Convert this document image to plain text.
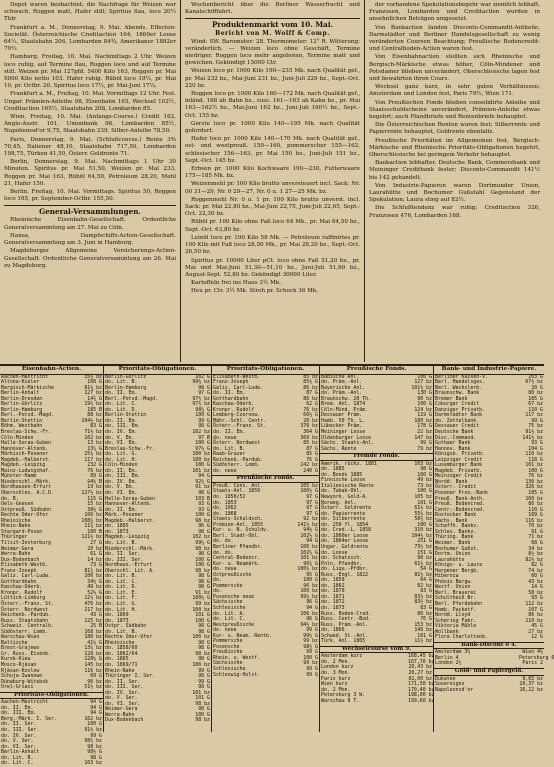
Depot waren beobachtet; die Nachfrage für Weizen war schwach, Roggen matt, Hafer still; Spiritus flau, loco 20½ Thlr.

Frankfurt a. M., Donnerstag, 9. Mai. Abends. Effecten-Societät. Österreichische Creditactien 164, 1860er Loose 64½, Staatsbahn 206, Lombarden 84¾, Amerikaner 1882er 79½.

Hamburg, Freitag, 10. Mai. Nachmittags 2 Uhr. Weizen loco ruhig, auf Termine flau, Roggen loco und auf Termine still. Weizen pr. Mai 127pfd. 5400 Kilo 163, Roggen pr. Mai 5000 Kilo netto 103. Hafer ruhig. Rüböl loco 19½, pr. Mai 19, pr. Octbr. 20. Spiritus loco 17½, pr. Mai-Juni 17¼.

Frankfurt a. M., Freitag, 10. Mai. Vormittags 12 Uhr. Fest. Ungar. Prämien-Anleihe 98, Eisenbahn 165, Wechsel 102½, Creditactien 165½, Staatsbahn 208, Lombarden 85.

Wien, Freitag, 10. Mai. (Anfangs-Course.) Credit 162, Anglo-Austr. 101, Unionbank 98, Lombarden 85½, Napoleonsd'or 9,75, Staatsbahn 239, Silber-Anleihe 78,50.

Paris, Donnerstag, 9. Mai. (Schlußcourse.) Rente 3% 70,45, Italiener 48,10, Staatsbahn 717,50, Lombarden 198,75, Türken 41,50, Österr. Goldrente 71.

Berlin, Donnerstag, 9. Mai. Nachmittags 1 Uhr 30 Minuten. Spiritus pr. Mai 51,50, Weizen pr. Mai 233, Roggen pr. Mai 163, Rüböl 64,50, Petroleum 28,20, Mehl 21, Hafer 150.

Berlin, Freitag, 10. Mai. Vormittags. Spiritus 50, Roggen loco 165, pr. September-Octbr. 155,50.

General-Versammlungen.

Rheinische Eisenbahn-Gesellschaft. Ordentliche Generalversammlung am 27. Mai zu Cöln.

Hansa, Dampfschiffs-Actien-Gesellschaft. Generalversammlung am 3. Juni in Hamburg.

Magdeburger Allgemeine Versicherungs-Actien-Gesellschaft. Ordentliche Generalversammlung am 26. Mai zu Magdeburg.

Wochenbericht über die Berliner Wasserfracht und Kanalschifffahrt.

Produktenmarkt vom 10. Mai.
Bericht von M. Wolff & Comp.

Wind: SW. Barometer: 28. Thermometer: 12° R. Witterung: veränderlich. — Weizen loco ohne Geschäft, Termine niedriger. Roggen loco mehr angeboten, Termine matt und gewichen. Gekündigt 15000 Ctr.

Weizen loco pr. 1000 Kilo 190—235 Mk. nach Qualität gef., pr. Mai 232 bz., Mai-Juni 231 bz., Juni-Juli 229 bz., Sept.-Oct. 220 bz.

Roggen loco pr. 1000 Kilo 160—172 Mk. nach Qualität gef., inländ. 168 ab Bahn bz., russ. 161—163 ab Kahn bz., pr. Mai 163—162½ bz., Mai-Juni 162 bz., Juni-Juli 160½ bz., Sept.-Oct. 155 bz.

Gerste loco pr. 1000 Kilo 140—195 Mk. nach Qualität gefordert.

Hafer loco pr. 1000 Kilo 140—170 Mk. nach Qualität gef., ost- und westpreuß. 150—160, pommerscher 155—162, schlesischer 156—163, pr. Mai 150 bz., Juni-Juli 151 bz., Sept.-Oct. 145 bz.

Erbsen pr. 1000 Kilo Kochwaare 190—230, Futterwaare 175—185 Mk. bz.

Weizenmehl pr. 100 Kilo brutto unversteuert incl. Sack: Nr. 00 31—29, Nr. 0 29—27, Nr. 0 u. 1 27—25 Mk. bz.

Roggenmehl Nr. 0 u. 1 pr. 100 Kilo brutto unverst. incl. Sack: pr. Mai 22,80 bz., Mai-Juni 22,75, Juni-Juli 22,65, Sept.-Oct. 22,30 bz.

Rüböl pr. 100 Kilo ohne Faß loco 64 Mk., pr. Mai 64,50 bz., Sept.-Oct. 63,80 bz.

Leinöl loco pr. 100 Kilo 58 Mk. — Petroleum raffinirtes pr. 100 Kilo mit Faß loco 28,50 Mk., pr. Mai 28,20 bz., Sept.-Oct. 26,50 bz.

Spiritus pr. 10000 Liter pCt. loco ohne Faß 51,20 bz., pr. Mai und Mai-Juni 51,30—51,10 bz., Juni-Juli 51,60 bz., August-Sept. 52,80 bz. Gekündigt 30000 Liter.

Kartoffeln frei ins Haus 3½ Mk.

Heu pr. Ctr. 3½ Mk. Stroh pr. Schock 36 Mk.

der vorhandene Spekulationsbegehr war ziemlich lebhaft, Franzosen, Lombarden und Creditactien wurden in ansehnlichen Beträgen umgesetzt.

Von Bankactien fanden Disconto-Commandit-Antheile, Darmstädter und Berliner Handelsgesellschaft zu wenig veränderten Coursen Beachtung; Preußische Bodencredit- und Centralboden-Actien waren fest.

Von Eisenbahnactien stellten sich Rheinische und Bergisch-Märkische etwas höher, Cöln-Mindener und Potsdamer blieben unverändert, Oberschlesische lagen fest und bewahrten ihren Cours.

Wechsel ganz kurz, in sehr guten Verhältnissen; Amsterdam und London fest, Paris 79½, Wien 171.

Von Preußischen Fonds blieben consolidirte Anleihe und Staatsschuldscheine unverändert, Prämien-Anleihe etwas begehrt; auch Pfandbriefe und Rentenbriefe behauptet.

Die Österreichischen Renten waren fest; Silberrente und Papierrente behauptet, Goldrente ebenfalls.

Preußische Prioritäten im Allgemeinen fest, Bergisch-Märkische und Rheinische Prioritäts-Obligationen begehrt, Oberschlesische bei geringem Verkehr behauptet.

Bankactien lebhafter. Deutsche Bank, Commerzbank und Meininger Creditbank fester; Disconto-Commandit 141½ bis 142 gehandelt.

Von Industrie-Papieren waren Dortmunder Union, Laurahütte und Bochumer Gußstahl Gegenstand der Spekulation; Laura stieg auf 82½.

Die Schlußtendenz war ruhig; Creditactien 326, Franzosen 476, Lombarden 168.

Eisenbahn-Actien.
Aachen-Mastricht	35½ bz
Altona-Kieler	108 G
Bergisch-Märkische	81½ bz
Berlin-Anhalt	127 bz
Berlin-Dresden	14¾ G
Berlin-Görlitz	19½ bz
Berlin-Hamburg	185 B
Berl.-Potsd.-Magd.	88 bz
Berlin-Stettin	104½ bz
Böhm. Westbahn	83 G
Breslau-Schw.-Fr.	71½ bz
Cöln-Minden	102 bz
Halle-Sorau-Guben	13 bz
Hannover-Altenb.	13¼ G
Märkisch-Posener	25½ bz
Magdeb.-Halberst.	117 bz
Magdeb.-Leipzig	232 G
Mainz-Ludwigshaf.	76 bz
Münster-Hamm	89 G
Niederschl.-Märk.	94½ B
Nordhausen-Erfurt	19 bz
Oberschles. A.C.D.	127½ bz
do. B.	115 G
Oels-Gnesen	15 bz
Ostpreuß. Südbahn	38½ G
Rechte Oder-Ufer	106 bz
Rheinische	108¼ bz
Rhein-Nahe	11¾ bz
Stargard-Posen	100 B
Thüringer	121½ bz
Tilsit-Insterburg	27 G
Weimar-Gera	20 bz
Werra-Bahn	61 G
Dux-Bodenbach	14 bz
Elisabeth-Westb.	73 G
Franz-Joseph	81¾ bz
Galiz. Carl-Ludw.	106 bz
Gotthardbahn	34½ G
Kaschau-Oderb.	49 bz
Kronpr. Rudolf	52½ G
Lüttich-Limburg	12½ bz
Österr.-Franz. St.	476 bz
Österr. Nordwest	217 bz
Reichenb.-Pardub.	43 G
Russ. Staatsbahn	125 bz
Schweiz. Centralb.	25 B
Südösterr. Lomb.	168 bz
Warschau-Wien	180 bz
Baltische	41½ G
Brest-Grajewo	13¼ bz
Gr. Russ. Eisenb.	128 bz
Kursk-Kiew	128½ G
Mosco-Rjäsan	145 bz
Rjäsan-Koslow	116 bz
Schuja-Iwanowo	69 G
Dünaburg-Witebsk	90 bz
Orel-Griasi	51½ bz
Prioritäts-Obligationen.
Aachen-Mastricht	94 G
do. II. Em.	94 G
do. III. Em.	94 G
Berg.-Märk. I. Ser.	102 bz
do. II. Ser.	100 G
do. III. Ser.	91½ bz
do. IV. Ser.	99 G
do. V. Ser.	98½ bz
do. VI. Ser.	98 bz
Berlin-Anhalt	98½ G
do. Lit. B.	98 G
do. Lit. C.	103 bz
Prioritäts-Obligationen.
Berlin-Görlitz	102 G
do. Lit. B.	99½ bz
Berlin-Hamburg	98 G
do. II. Em.	97 G
Berl.-Potsd.-Magd.	97½ bz
do. Lit. C.	97½ bz
do. Lit. D.	98½ G
Berlin-Stettin	100 G
do. II. Em.	99 G
do. III. Em.	98 G
do. IV. Em.	102 bz
do. V. Em.	97 B
do. VI. Em.	100 G
Breslau-Schw.-Fr.	97½ G
do. Lit. G.	100 bz
do. Lit. H.	100 bz
Cöln-Minden	100 G
do. II. Em.	101 bz
do. III. Em.	94 G
do. IV. Em.	92½ G
do. V. Em.	91 bz
do. VI. Em.	98 G
Halle-Sorau-Guben	103 B
Hannover-Altenb.	93 G
do. II. Em.	93 G
Märk.-Posener	100 G
Magdeb.-Halberst.	98 bz
do. 1865	96 G
do. 1873	98 G
Magdeb.-Leipzig	102 bz
do. Lit. B.	99½ G
Niederschl.-Märk.	98 bz
do. II. Ser.	98 G
do. III. Ser.	100 G
Nordhaus.-Erfurt	100 G
Oberschl. Lit. A.	98 bz
do. Lit. B.	98 G
do. Lit. C.	98 G
do. Lit. D.	98 G
do. Lit. E.	91 bz
do. Lit. F.	100½ G
do. Lit. G.	99 bz
do. Lit. H.	100 bz
do. 1869	101 G
do. 1873	100 G
Ostpr. Südbahn	98 G
do. Lit. B.	98 G
Rechte Oder-Ufer	100 bz
Rheinische	98 G
do. 1858/60	98 G
do. 1862/64	98 bz
do. 1865	98 G
do. 1869/71	100 bz
Rhein-Nahe	99 G
Thüringer I. Ser.	98 G
do. II. Ser.	99 G
do. III. Ser.	98 G
do. IV. Ser.	101 bz
do. V. Ser.	101 G
do. VI. Ser.	98 bz
Weimar-Gera	98 G
Werra-Bahn	100 G
Dux-Bodenbach	98 bz
Prioritäts-Obligationen.
Elisabeth-Westb.	85 bz
Franz-Joseph	85½ G
Galiz. Carl-Ludw.	86 bz
do. II. Em.	87 G
Gotthardbahn	86 bz
Kaschau-Oderb.	62 G
Kronpr. Rudolf	76 bz
Lemberg-Czernow.	66½ G
Mähr.-Schl. Centr.	20 bz
Österr.-Franz. St.	370 bz
do. II. Em.	364 G
do. neue	369 bz
Österr. Nordwest	85 bz
do. Lit. B.	87 G
Raab-Grazer	85 G
Reichenb.-Pardub.	76 G
Südösterr. Lomb.	242 bz
do. neue	240 G
Preußische Fonds.
Preuß. Cons. Anl.	105 bz
Staats-Anl. 1859	100½ G
do. 1850/52	97 G
do. 1853	97 G
do. 1862	97 G
do. 1868	97 G
Staats-Schuldsch.	92 bz
Prämien-Anl. 1855	141½ bz
Kur- u. N. Schuldv.	94½ G
Berl. Stadt-Obl.	102½ G
do. do.	94 G
Berliner Pfandbr.	106 bz
do. do.	102½ G
Central-Bodencr.	101 bz
Kur- u. Neumärk.	96¾ G
do. neue	100½ bz
Ostpreußische	95 G
do.	100 G
Pommersche	96 bz
do.	100 bz
Posensche neue	99½ bz
Sächsische	96 G
Schlesische	94 G
do. Lit. A.	100 bz
do. Lit. C.	96 G
Westpreußische	94½ bz
do. neue	99 G
Kur- u. Neum. Rentb.	99½ G
Pommersche	99 bz
Posensche	98½ G
Preußische	99 G
Rhein. u. Westf.	100 G
Sächsische	99 bz
Schlesische	99 G
Schleswig-Holst.	99 G
Preußische Fonds.
Badische Anl.	100 G
do. Präm.-Anl.	127 bz
Bayerische Anl.	101½ bz
do. Präm.-Anl.	130 G
Braunschw. 20 Th.	90 bz
Brem. Anl. 1874	100 G
Cöln-Mind. Präm.	124 bz
Dessauer Präm.	119 G
Hamb. 50 Th. L.	180 bz
Lübecker Präm.	178 G
Meininger Loose	22 bz
Oldenburger Loose	147 bz
Sächs. Staats-Anl.	99 G
Sächs. Rente	79 bz
Fremde Fonds.
Amerik. rückz. 1881	103 bz
do. 1885	98 G
do. Bonds 1885	100 G
Finnische Loose	49 bz
Italienische Rente	73 bz
do. Tabak-Obl.	100 G
Newyork. Gold-A.	105 bz
Norweg. Anl.	101 G
Österr. Goldrente	61½ bz
do. Papierrente	55½ bz
do. Silberrente	58¼ bz
do. 250 fl. 1854	100 G
do. Cred.-L. 1858	310 bz
do. 1860er Loose	104½ bz
do. 1864er Loose	251 G
Ungar. Goldrente	73½ bz
do. Loose	151 G
do. Schatzsch.	90 bz
Poln. Pfandbr.	61½ bz
do. Liqu.-Pfdbr.	54 G
Russ.-Engl. 1822	81½ bz
do. 1859	64 G
do. 1862	82 bz
do. 1870	83 G
do. 1871	83½ bz
do. 1872	83½ bz
do. 1873	83 G
Russ. Boden-Cred.	80 bz
Russ. Centr.-Bod.	76 G
Russ. Präm.-Anl.	153 bz
do. 1866	149 bz
Schwed. St.-Anl.	101 G
Türk. Anl. 1865	11½ bz
Wechselcourse vom 9.
Amsterdam kurz	168,45 bz
do. 2 Mon.	167,70 bz
London kurz	20,43 bz
do. 3 Mon.	20,27 bz
Paris kurz	81,00 bz
Wien kurz	171,50 bz
do. 2 Mon.	170,40 bz
Petersburg 3 W.	198,00 bz
Warschau 8 T.	199,60 bz
Bank- und Industrie-Papiere.
Berliner Kassen-V.	203 G
Berl. Handelsges.	67½ bz
Berl. Wechslerb.	20 G
Braunschw. Bank	80 bz
Bremer Bank	105 G
Coburger Credit	67 bz
Danziger Privatb.	110 G
Darmstädter Bank	117 bz
do. Zettelbank	99 G
Dessauer Credit	75 bz
Deutsche Bank	91½ bz
Disc.-Command.	141½ bz
Gothaer Bank	93 G
Hannov. Bank	104 G
Königsb. Privatb.	110 bz
Leipziger Credit	118 G
Luxemburger Bank	101 bz
Magdeb. Privatb.	100 G
Meininger Credit	76 bz
Nordd. Bank	130 bz
Österr. Credit	326 bz
Posener Prov.-Bank	105 G
Preuß. Bank-Anth.	160 bz
Preuß. Bodencred.	86 bz
Centr.-Bodencred.	110 G
Rostocker Bank	109 G
Sächs. Bank	116 bz
Schaffh. Bankv.	70 bz
Schles. Bankv.	91 G
Thüring. Bank	71 bz
Weimar. Bank	68 G
Bochumer Gußst.	34 bz
Dortm. Union	8½ bz
Laurahütte	82½ bz
Königs- u. Laura	82 G
Harpener Bergb.	74 bz
Hibernia	60 G
Phönix Bergw.	43 bz
Westf. Union	14 G
Berl. Brauerei	58 bz
Schultheiß Br.	93 G
Berl. Pferdebahn	112 bz
Hamb. Packetf.	107 G
Nordd. Lloyd	86 bz
Schering Fabr.	110 bz
Viktoria Mühle	45 G
Wollbank	27 bz
Flora Charlottenb.	12 G
Bank-Discont o 4.
Amsterdam 3½	Wien 4½
Berlin 4	Petersburg 6
London 2½	Paris 2
Gold- und Papiergeld.
Dukaten	9,65 bz
Sovereigns	20,37 bz
Napoleonsd'or	16,22 bz
